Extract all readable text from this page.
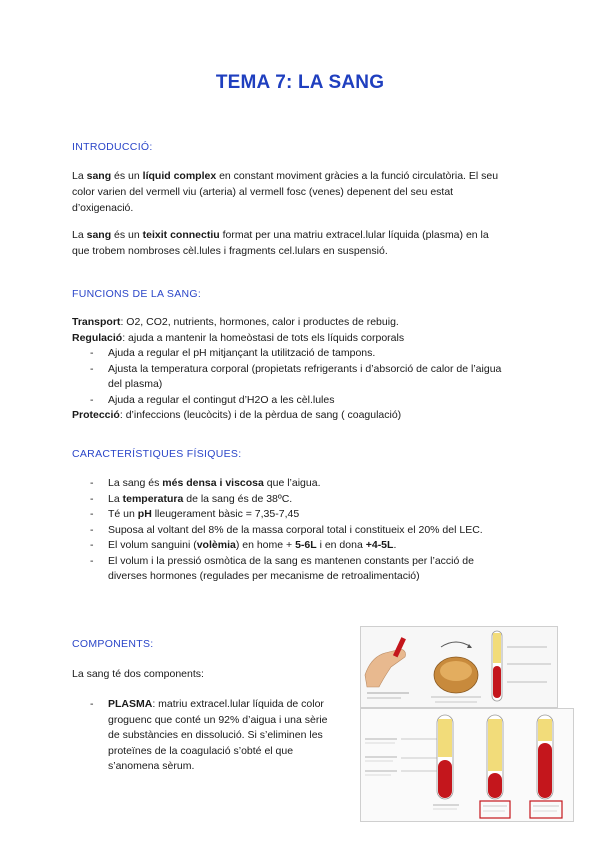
TEMA 7: LA SANG
INTRODUCCIÓ:
La sang és un líquid complex en constant moviment gràcies a la funció circulatòria. El seu
color varien del vermell viu (arteria) al vermell fosc (venes) depenent del seu estat
d’oxigenació.
La sang és un teixit connectiu format per una matriu extracel.lular líquida (plasma) en la
que trobem nombroses cèl.lules i fragments cel.lulars en suspensió.
FUNCIONS DE LA SANG:
Transport: O2, CO2, nutrients, hormones, calor i productes de rebuig.
Regulació: ajuda a mantenir la homeòstasi de tots els líquids corporals
- Ajuda a regular el pH mitjançant la utilització de tampons.
- Ajusta la temperatura corporal (propietats refrigerants i d’absorció de calor de l’aigua
del plasma)
- Ajuda a regular el contingut d’H2O a les cèl.lules
Protecció: d’infeccions (leucòcits) i de la pèrdua de sang ( coagulació)
CARACTERÍSTIQUES FÍSIQUES:
- La sang és més densa i viscosa que l’aigua.
- La temperatura de la sang és de 38ºC.
- Té un pH lleugerament bàsic = 7,35-7,45
- Suposa al voltant del 8% de la massa corporal total i constitueix el 20% del LEC.
- El volum sanguini (volèmia) en home + 5-6L i en dona +4-5L.
- El volum i la pressió osmòtica de la sang es mantenen constants per l’acció de
diverses hormones (regulades per mecanisme de retroalimentació)
COMPONENTS:
La sang té dos components:
- PLASMA: matriu extracel.lular líquida de color
groguenc que conté un 92% d’aigua i una sèrie
de substàncies en dissolució. Si s’eliminen les
proteïnes de la coagulació s’obté el que
s’anomena sèrum.
